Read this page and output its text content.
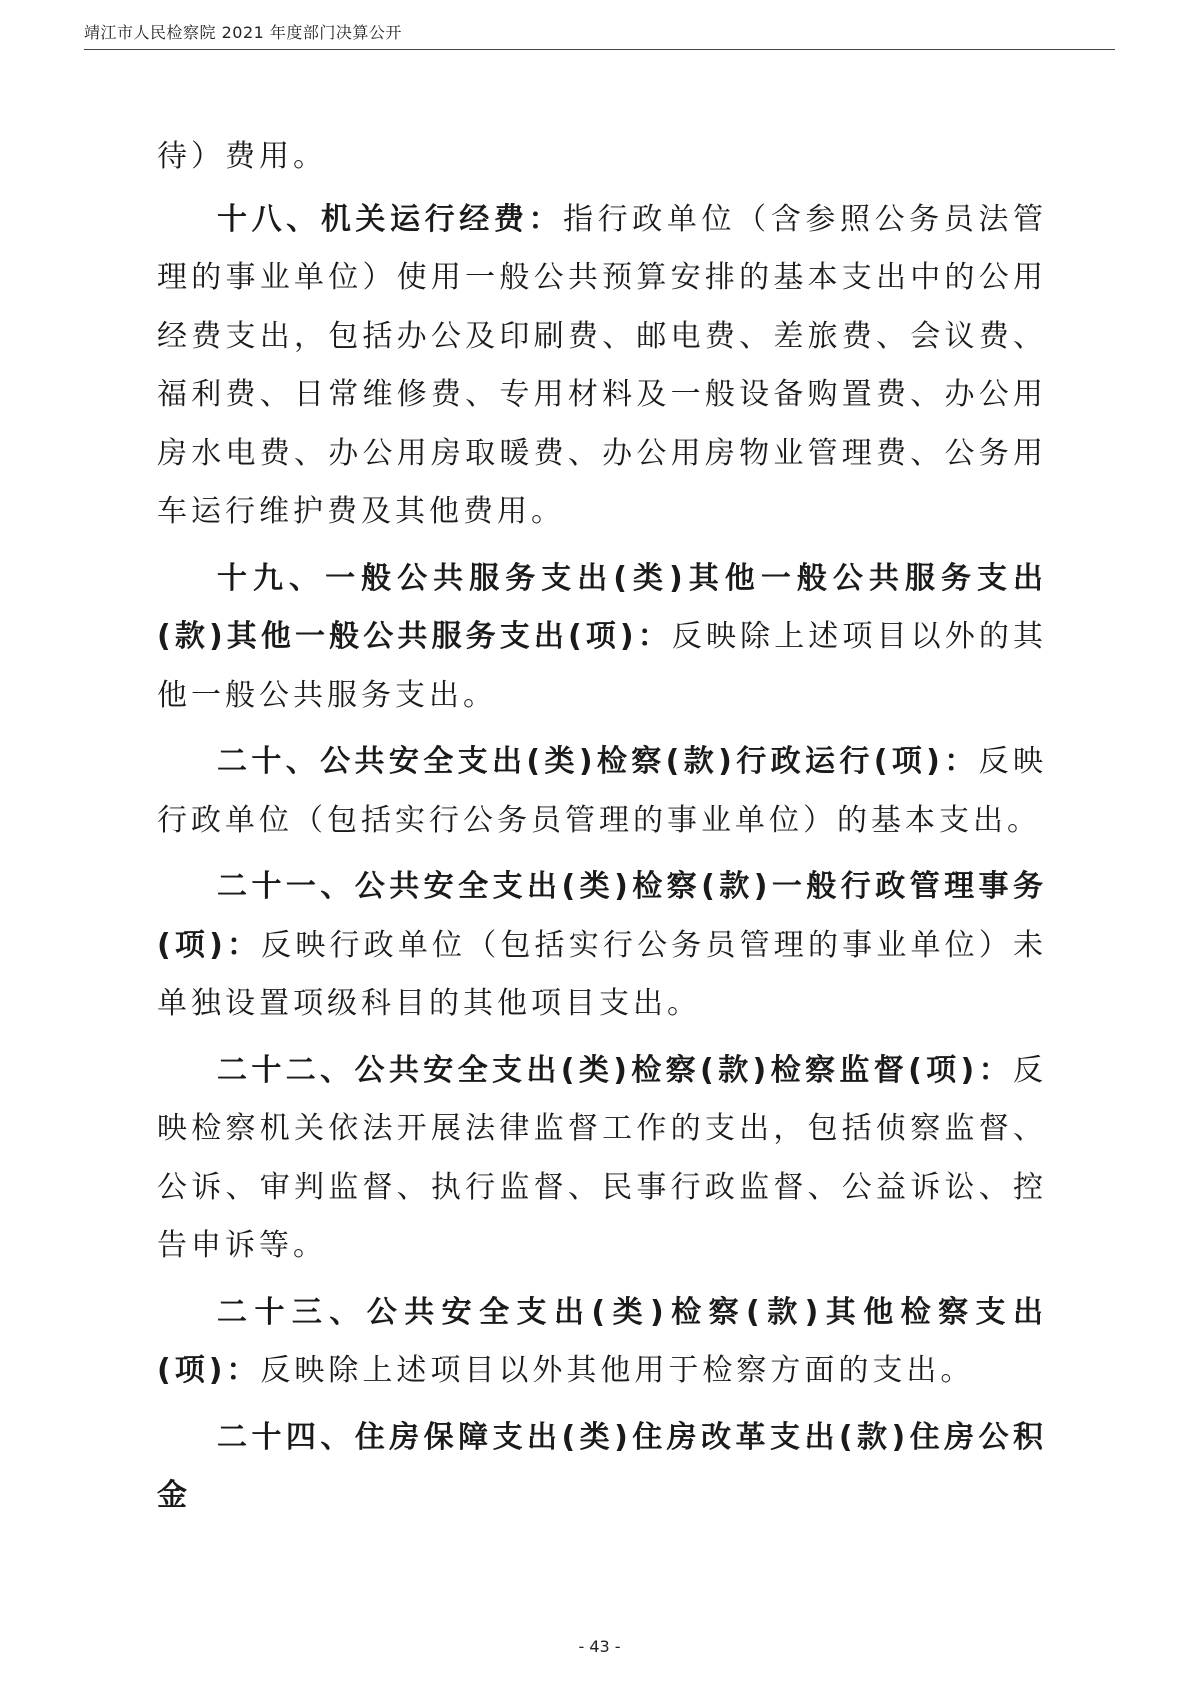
靖江市人民检察院 2021 年度部门决算公开

待）费用。

十八、机关运行经费：指行政单位（含参照公务员法管理的事业单位）使用一般公共预算安排的基本支出中的公用经费支出，包括办公及印刷费、邮电费、差旅费、会议费、福利费、日常维修费、专用材料及一般设备购置费、办公用房水电费、办公用房取暖费、办公用房物业管理费、公务用车运行维护费及其他费用。

十九、一般公共服务支出(类)其他一般公共服务支出(款)其他一般公共服务支出(项)：反映除上述项目以外的其他一般公共服务支出。

二十、公共安全支出(类)检察(款)行政运行(项)：反映行政单位（包括实行公务员管理的事业单位）的基本支出。

二十一、公共安全支出(类)检察(款)一般行政管理事务(项)：反映行政单位（包括实行公务员管理的事业单位）未单独设置项级科目的其他项目支出。

二十二、公共安全支出(类)检察(款)检察监督(项)：反映检察机关依法开展法律监督工作的支出，包括侦察监督、公诉、审判监督、执行监督、民事行政监督、公益诉讼、控告申诉等。

二十三、公共安全支出(类)检察(款)其他检察支出(项)：反映除上述项目以外其他用于检察方面的支出。

二十四、住房保障支出(类)住房改革支出(款)住房公积金

- 43 -
